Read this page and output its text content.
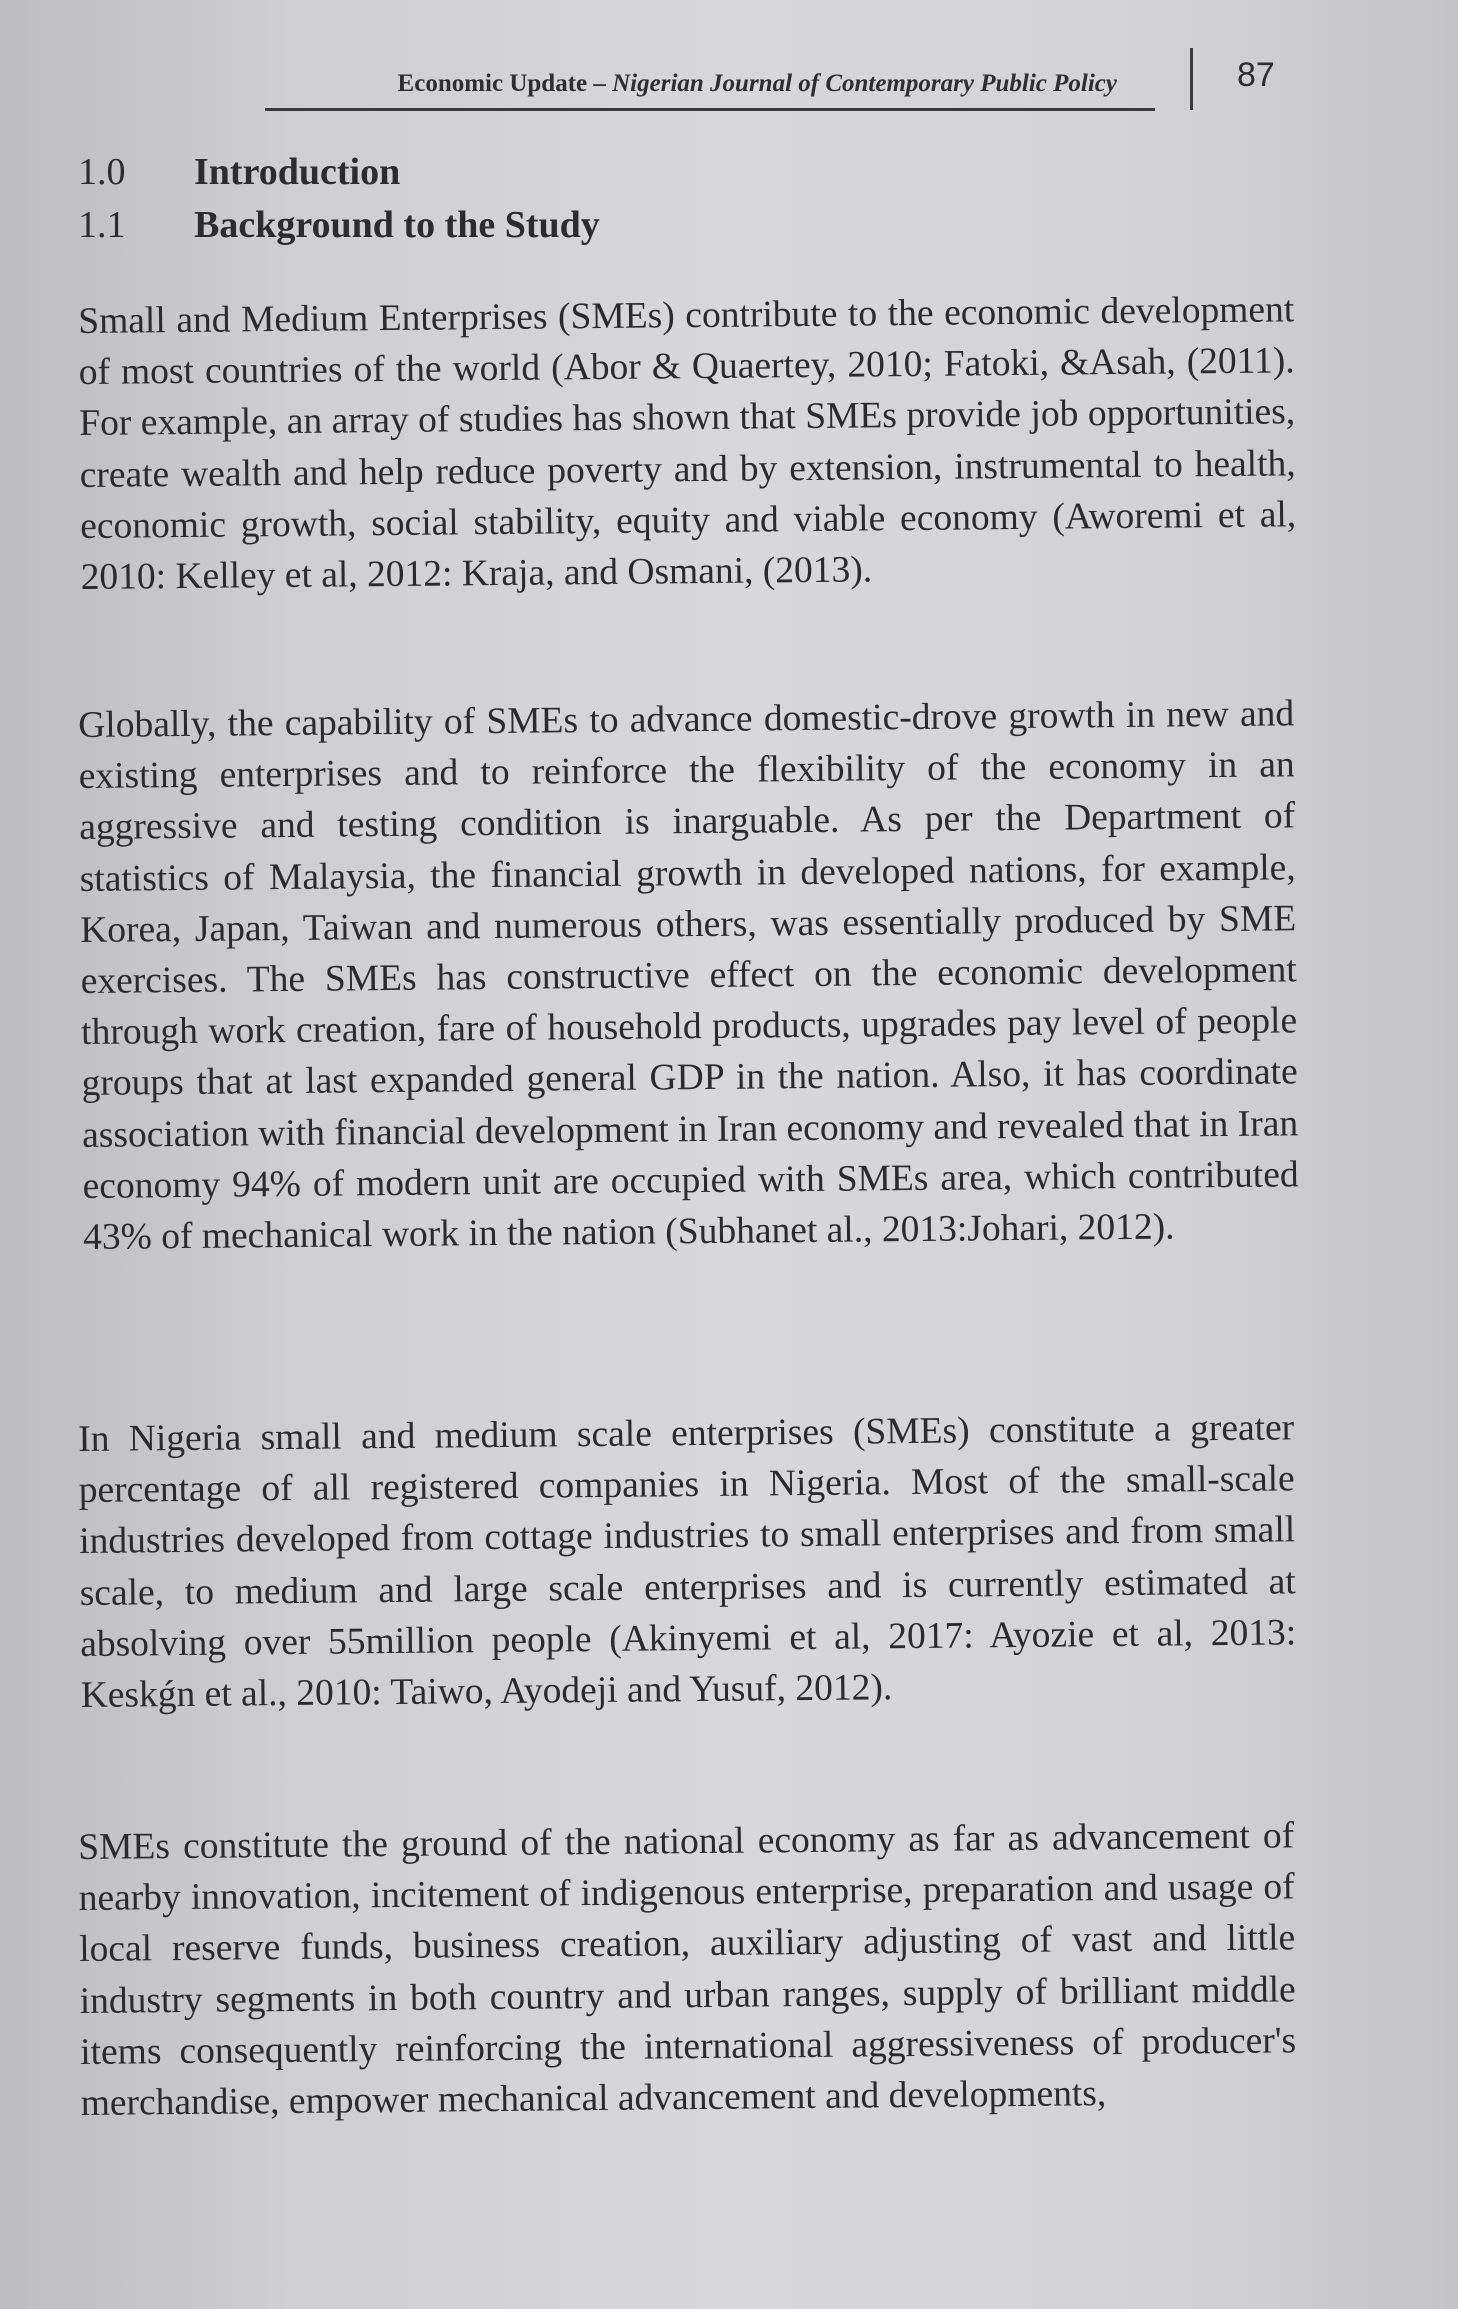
Economic Update – Nigerian Journal of Contemporary Public Policy	87
1.0 Introduction
1.1 Background to the Study

Small and Medium Enterprises (SMEs) contribute to the economic development of most countries of the world (Abor & Quaertey, 2010; Fatoki, &Asah, (2011). For example, an array of studies has shown that SMEs provide job opportunities, create wealth and help reduce poverty and by extension, instrumental to health, economic growth, social stability, equity and viable economy (Aworemi et al, 2010: Kelley et al, 2012: Kraja, and Osmani, (2013).

Globally, the capability of SMEs to advance domestic-drove growth in new and existing enterprises and to reinforce the flexibility of the economy in an aggressive and testing condition is inarguable. As per the Department of statistics of Malaysia, the financial growth in developed nations, for example, Korea, Japan, Taiwan and numerous others, was essentially produced by SME exercises. The SMEs has constructive effect on the economic development through work creation, fare of household products, upgrades pay level of people groups that at last expanded general GDP in the nation. Also, it has coordinate association with financial development in Iran economy and revealed that in Iran economy 94% of modern unit are occupied with SMEs area, which contributed 43% of mechanical work in the nation (Subhanet al., 2013:Johari, 2012).

In Nigeria small and medium scale enterprises (SMEs) constitute a greater percentage of all registered companies in Nigeria. Most of the small-scale industries developed from cottage industries to small enterprises and from small scale, to medium and large scale enterprises and is currently estimated at absolving over 55million people (Akinyemi et al, 2017: Ayozie et al, 2013: Keskǵn et al., 2010: Taiwo, Ayodeji and Yusuf, 2012).

SMEs constitute the ground of the national economy as far as advancement of nearby innovation, incitement of indigenous enterprise, preparation and usage of local reserve funds, business creation, auxiliary adjusting of vast and little industry segments in both country and urban ranges, supply of brilliant middle items consequently reinforcing the international aggressiveness of producer's merchandise, empower mechanical advancement and developments,
